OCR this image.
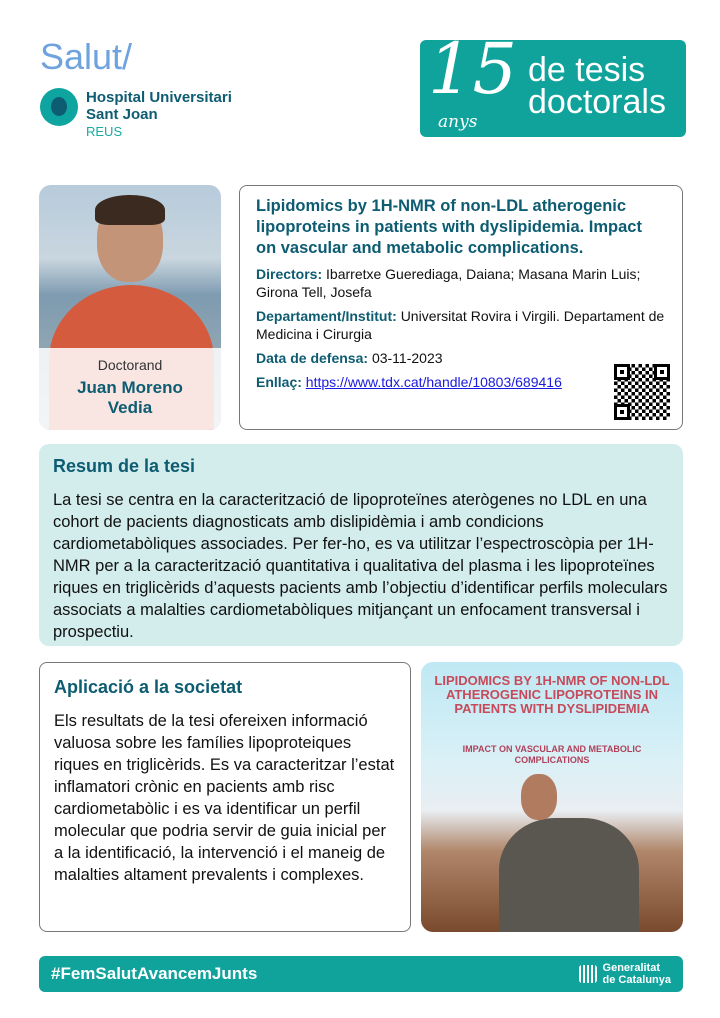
Salut/
Hospital Universitari
Sant Joan
REUS
15
anys
de tesis
doctorals
Doctorand
Juan Moreno
Vedia
Lipidomics by 1H-NMR of non-LDL atherogenic lipoproteins in patients with dyslipidemia. Impact on vascular and metabolic complications.

Directors: Ibarretxe Guerediaga, Daiana; Masana Marin Luis; Girona Tell, Josefa

Departament/Institut: Universitat Rovira i Virgili. Departament de Medicina i Cirurgia

Data de defensa: 03-11-2023

Enllaç: https://www.tdx.cat/handle/10803/689416

Resum de la tesi
La tesi se centra en la caracterització de lipoproteïnes aterògenes no LDL en una cohort de pacients diagnosticats amb dislipidèmia i amb condicions cardiometabòliques associades. Per fer-ho, es va utilitzar l’espectroscòpia per 1H-NMR per a la caracterització quantitativa i qualitativa del plasma i les lipoproteïnes riques en triglicèrids d’aquests pacients amb l’objectiu d’identificar perfils moleculars associats a malalties cardiometabòliques mitjançant un enfocament transversal i prospectiu.
Aplicació a la societat
Els resultats de la tesi ofereixen informació valuosa sobre les famílies lipoproteiques riques en triglicèrids. Es va caracteritzar l’estat inflamatori crònic en pacients amb risc cardiometabòlic i es va identificar un perfil molecular que podria servir de guia inicial per a la identificació, la intervenció i el maneig de malalties altament prevalents i complexes.
LIPIDOMICS BY 1H-NMR OF NON-LDL ATHEROGENIC LIPOPROTEINS IN PATIENTS WITH DYSLIPIDEMIA
IMPACT ON VASCULAR AND METABOLIC COMPLICATIONS
#FemSalutAvancemJunts	Generalitat
de Catalunya
